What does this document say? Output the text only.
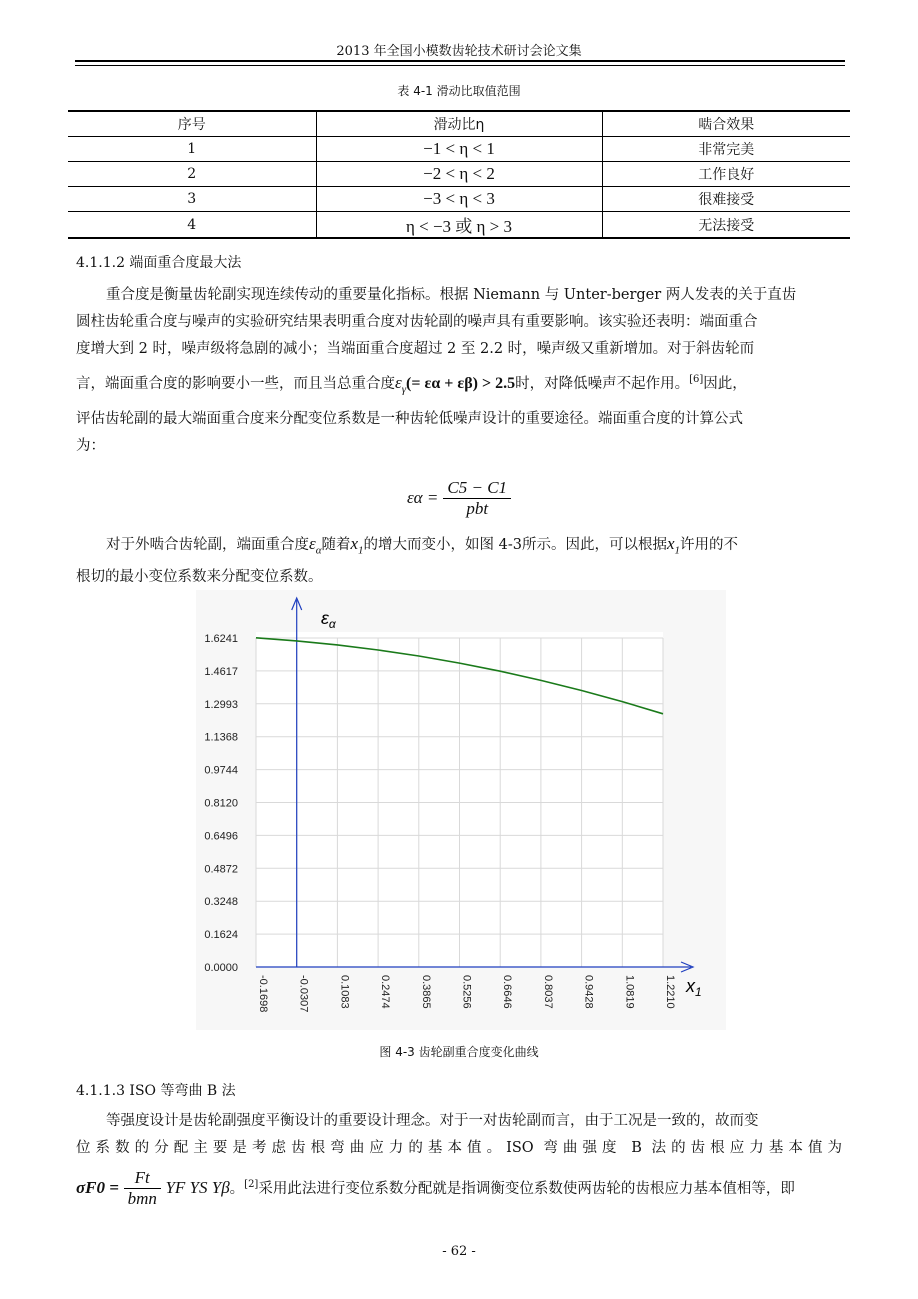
2013 年全国小模数齿轮技术研讨会论文集
表 4-1 滑动比取值范围
序号	滑动比η	啮合效果
1	−1 < η < 1	非常完美
2	−2 < η < 2	工作良好
3	−3 < η < 3	很难接受
4	η < −3 或 η > 3	无法接受
4.1.1.2 端面重合度最大法
重合度是衡量齿轮副实现连续传动的重要量化指标。根据 Niemann 与 Unter-berger 两人发表的关于直齿
圆柱齿轮重合度与噪声的实验研究结果表明重合度对齿轮副的噪声具有重要影响。该实验还表明：端面重合
度增大到 2 时，噪声级将急剧的减小；当端面重合度超过 2 至 2.2 时，噪声级又重新增加。对于斜齿轮而
言，端面重合度的影响要小一些，而且当总重合度$\varepsilon_\gamma(= \varepsilon\alpha + \varepsilon\beta) > 2.5$时，对降低噪声不起作用。[6]因此，
评估齿轮副的最大端面重合度来分配变位系数是一种齿轮低噪声设计的重要途径。端面重合度的计算公式
为：
$\varepsilon\alpha = \frac{C5 - C1}{\text{pbt}}$
对于外啮合齿轮副，端面重合度$\varepsilon_\alpha$随着$x_1$的增大而变小，如图 4-3所示。因此，可以根据$x_1$许用的不
根切的最小变位系数来分配变位系数。
1.6241
1.4617
1.2993
1.1368
0.9744
0.8120
0.6496
0.4872
0.3248
0.1624
0.0000
-0.1698	-0.0307	0.1083	0.2474	0.3865	0.5256	0.6646	0.8037	0.9428	1.0819	1.2210
$\varepsilon_\alpha$
$x_1$
图 4-3 齿轮副重合度变化曲线
4.1.1.3 ISO 等弯曲 B 法
等强度设计是齿轮副强度平衡设计的重要设计理念。对于一对齿轮副而言，由于工况是一致的，故而变
位系数的分配主要是考虑齿根弯曲应力的基本值。ISO 弯曲强度 B 法的齿根应力基本值为
$\sigma F0 = \frac{Ft}{\text{bmn}}$ YF YS Yβ。[2]采用此法进行变位系数分配就是指调衡变位系数使两齿轮的齿根应力基本值相等，即
- 62 -
